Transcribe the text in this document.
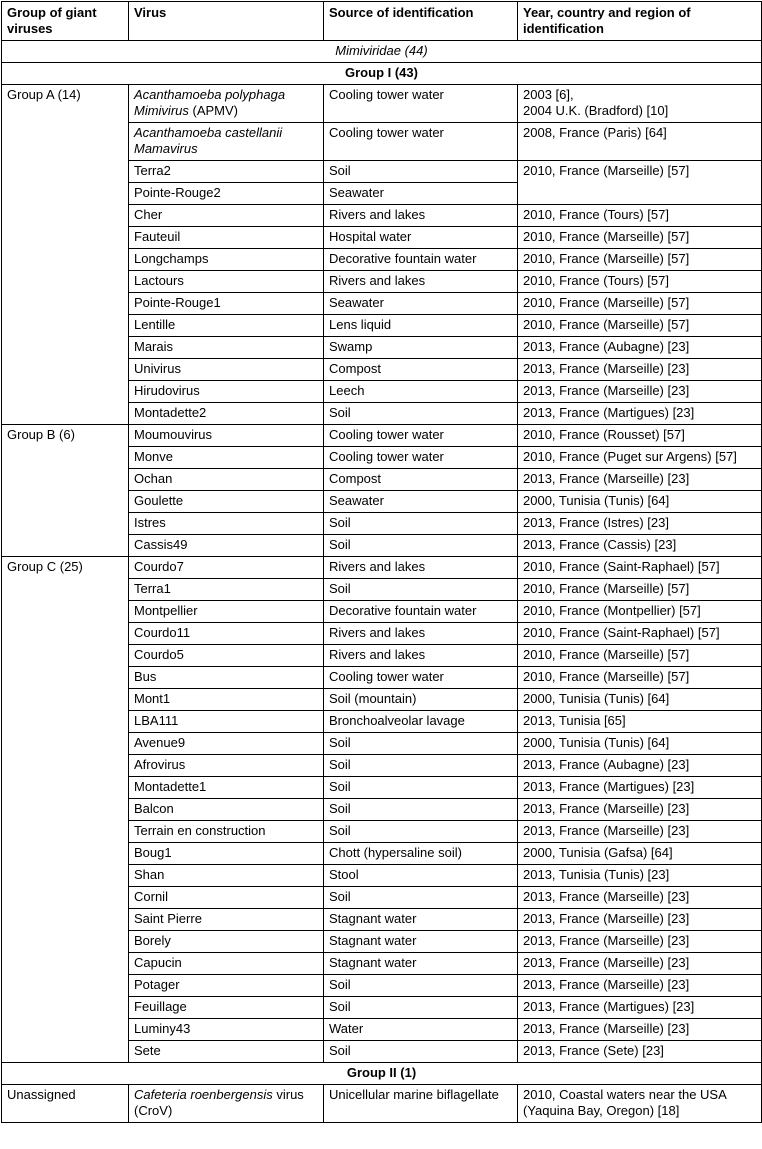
Group of giant viruses	Virus	Source of identification	Year, country and region of identification
Mimiviridae (44)			
Group I (43)			
Group A (14)	Acanthamoeba polyphaga Mimivirus (APMV)	Cooling tower water	2003 [6],
2004 U.K. (Bradford) [10]
	Acanthamoeba castellanii Mamavirus	Cooling tower water	2008, France (Paris) [64]
	Terra2	Soil	2010, France (Marseille) [57]
	Pointe-Rouge2	Seawater	
	Cher	Rivers and lakes	2010, France (Tours) [57]
	Fauteuil	Hospital water	2010, France (Marseille) [57]
	Longchamps	Decorative fountain water	2010, France (Marseille) [57]
	Lactours	Rivers and lakes	2010, France (Tours) [57]
	Pointe-Rouge1	Seawater	2010, France (Marseille) [57]
	Lentille	Lens liquid	2010, France (Marseille) [57]
	Marais	Swamp	2013, France (Aubagne) [23]
	Univirus	Compost	2013, France (Marseille) [23]
	Hirudovirus	Leech	2013, France (Marseille) [23]
	Montadette2	Soil	2013, France (Martigues) [23]
Group B (6)	Moumouvirus	Cooling tower water	2010, France (Rousset) [57]
	Monve	Cooling tower water	2010, France (Puget sur Argens) [57]
	Ochan	Compost	2013, France (Marseille) [23]
	Goulette	Seawater	2000, Tunisia (Tunis) [64]
	Istres	Soil	2013, France (Istres) [23]
	Cassis49	Soil	2013, France (Cassis) [23]
Group C (25)	Courdo7	Rivers and lakes	2010, France (Saint-Raphael) [57]
	Terra1	Soil	2010, France (Marseille) [57]
	Montpellier	Decorative fountain water	2010, France (Montpellier) [57]
	Courdo11	Rivers and lakes	2010, France (Saint-Raphael) [57]
	Courdo5	Rivers and lakes	2010, France (Marseille) [57]
	Bus	Cooling tower water	2010, France (Marseille) [57]
	Mont1	Soil (mountain)	2000, Tunisia (Tunis) [64]
	LBA111	Bronchoalveolar lavage	2013, Tunisia [65]
	Avenue9	Soil	2000, Tunisia (Tunis) [64]
	Afrovirus	Soil	2013, France (Aubagne) [23]
	Montadette1	Soil	2013, France (Martigues) [23]
	Balcon	Soil	2013, France (Marseille) [23]
	Terrain en construction	Soil	2013, France (Marseille) [23]
	Boug1	Chott (hypersaline soil)	2000, Tunisia (Gafsa) [64]
	Shan	Stool	2013, Tunisia (Tunis) [23]
	Cornil	Soil	2013, France (Marseille) [23]
	Saint Pierre	Stagnant water	2013, France (Marseille) [23]
	Borely	Stagnant water	2013, France (Marseille) [23]
	Capucin	Stagnant water	2013, France (Marseille) [23]
	Potager	Soil	2013, France (Marseille) [23]
	Feuillage	Soil	2013, France (Martigues) [23]
	Luminy43	Water	2013, France (Marseille) [23]
	Sete	Soil	2013, France (Sete) [23]
Group II (1)			
Unassigned	Cafeteria roenbergensis virus (CroV)	Unicellular marine biflagellate	2010, Coastal waters near the USA (Yaquina Bay, Oregon) [18]
